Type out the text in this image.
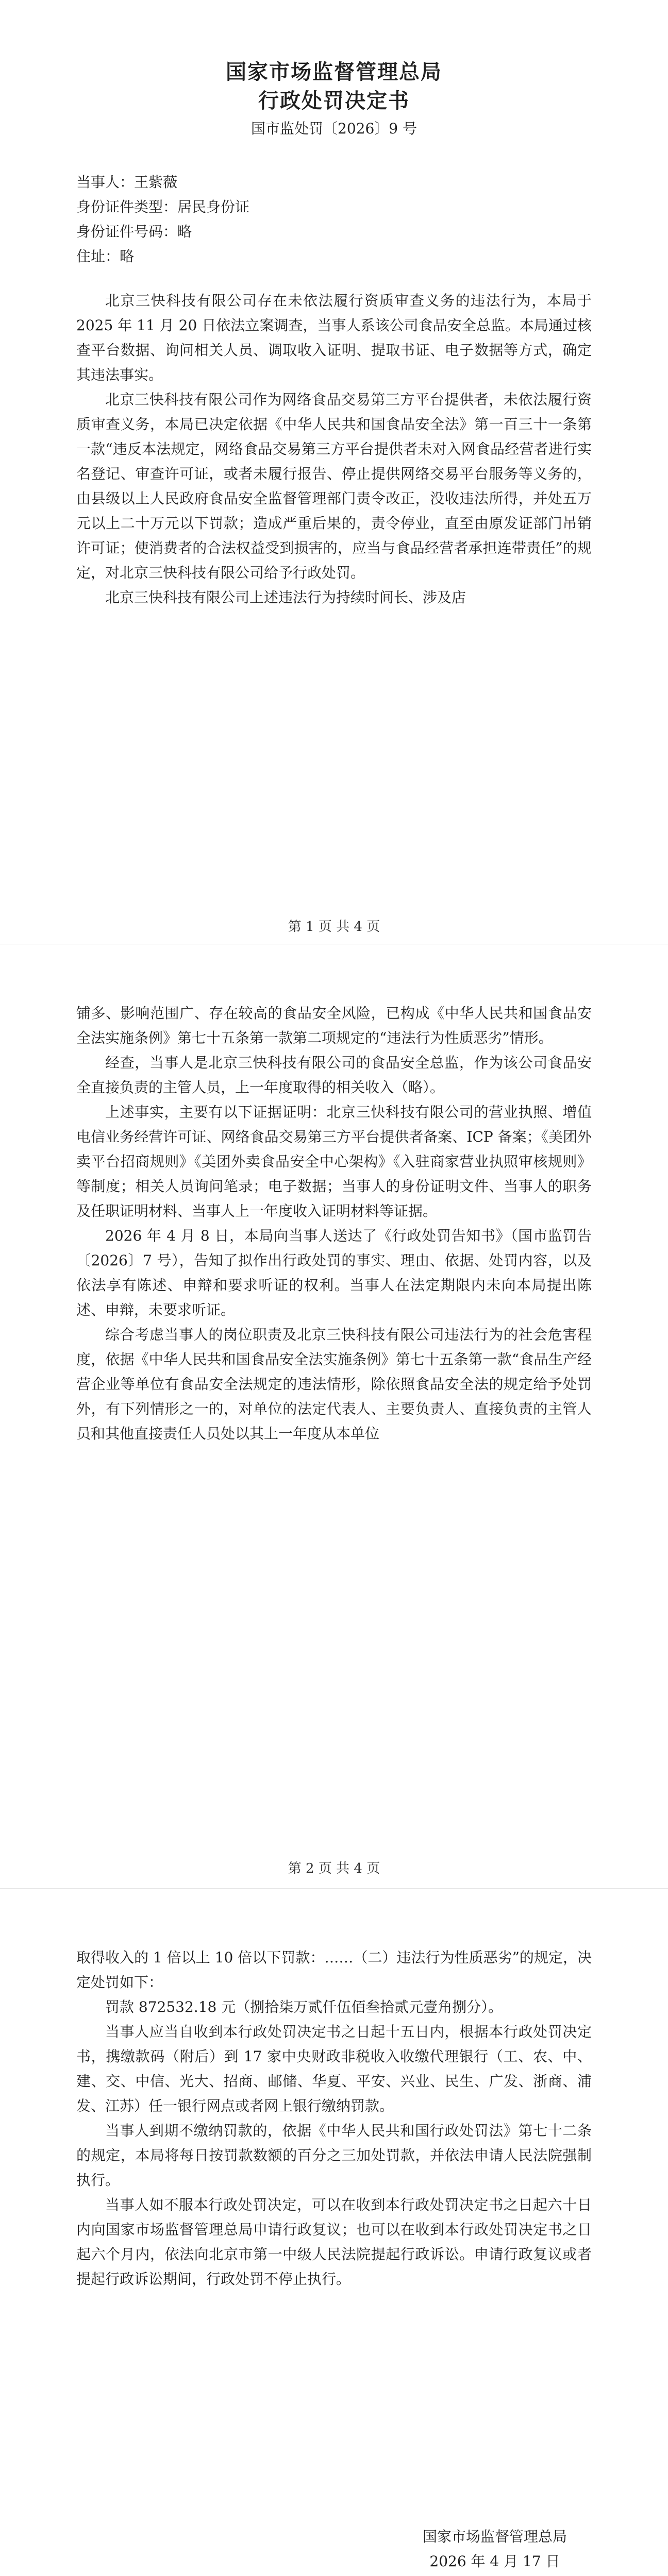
国家市场监督管理总局
行政处罚决定书
国市监处罚〔2026〕9 号
当事人：王紫薇
身份证件类型：居民身份证
身份证件号码：略
住址：略

北京三快科技有限公司存在未依法履行资质审查义务的违法行为，本局于 2025 年 11 月 20 日依法立案调查，当事人系该公司食品安全总监。本局通过核查平台数据、询问相关人员、调取收入证明、提取书证、电子数据等方式，确定其违法事实。

北京三快科技有限公司作为网络食品交易第三方平台提供者，未依法履行资质审查义务，本局已决定依据《中华人民共和国食品安全法》第一百三十一条第一款“违反本法规定，网络食品交易第三方平台提供者未对入网食品经营者进行实名登记、审查许可证，或者未履行报告、停止提供网络交易平台服务等义务的，由县级以上人民政府食品安全监督管理部门责令改正，没收违法所得，并处五万元以上二十万元以下罚款；造成严重后果的，责令停业，直至由原发证部门吊销许可证；使消费者的合法权益受到损害的，应当与食品经营者承担连带责任”的规定，对北京三快科技有限公司给予行政处罚。

北京三快科技有限公司上述违法行为持续时间长、涉及店

第 1 页 共 4 页

铺多、影响范围广、存在较高的食品安全风险，已构成《中华人民共和国食品安全法实施条例》第七十五条第一款第二项规定的“违法行为性质恶劣”情形。

经查，当事人是北京三快科技有限公司的食品安全总监，作为该公司食品安全直接负责的主管人员，上一年度取得的相关收入（略）。

上述事实，主要有以下证据证明：北京三快科技有限公司的营业执照、增值电信业务经营许可证、网络食品交易第三方平台提供者备案、ICP 备案；《美团外卖平台招商规则》《美团外卖食品安全中心架构》《入驻商家营业执照审核规则》等制度；相关人员询问笔录；电子数据；当事人的身份证明文件、当事人的职务及任职证明材料、当事人上一年度收入证明材料等证据。

2026 年 4 月 8 日，本局向当事人送达了《行政处罚告知书》（国市监罚告〔2026〕7 号），告知了拟作出行政处罚的事实、理由、依据、处罚内容，以及依法享有陈述、申辩和要求听证的权利。当事人在法定期限内未向本局提出陈述、申辩，未要求听证。

综合考虑当事人的岗位职责及北京三快科技有限公司违法行为的社会危害程度，依据《中华人民共和国食品安全法实施条例》第七十五条第一款“食品生产经营企业等单位有食品安全法规定的违法情形，除依照食品安全法的规定给予处罚外，有下列情形之一的，对单位的法定代表人、主要负责人、直接负责的主管人员和其他直接责任人员处以其上一年度从本单位

第 2 页 共 4 页

取得收入的 1 倍以上 10 倍以下罚款：……（二）违法行为性质恶劣”的规定，决定处罚如下：

罚款 872532.18 元（捌拾柒万贰仟伍佰叁拾贰元壹角捌分）。

当事人应当自收到本行政处罚决定书之日起十五日内，根据本行政处罚决定书，携缴款码（附后）到 17 家中央财政非税收入收缴代理银行（工、农、中、建、交、中信、光大、招商、邮储、华夏、平安、兴业、民生、广发、浙商、浦发、江苏）任一银行网点或者网上银行缴纳罚款。

当事人到期不缴纳罚款的，依据《中华人民共和国行政处罚法》第七十二条的规定，本局将每日按罚款数额的百分之三加处罚款，并依法申请人民法院强制执行。

当事人如不服本行政处罚决定，可以在收到本行政处罚决定书之日起六十日内向国家市场监督管理总局申请行政复议；也可以在收到本行政处罚决定书之日起六个月内，依法向北京市第一中级人民法院提起行政诉讼。申请行政复议或者提起行政诉讼期间，行政处罚不停止执行。

国家市场监督管理总局
2026 年 4 月 17 日
